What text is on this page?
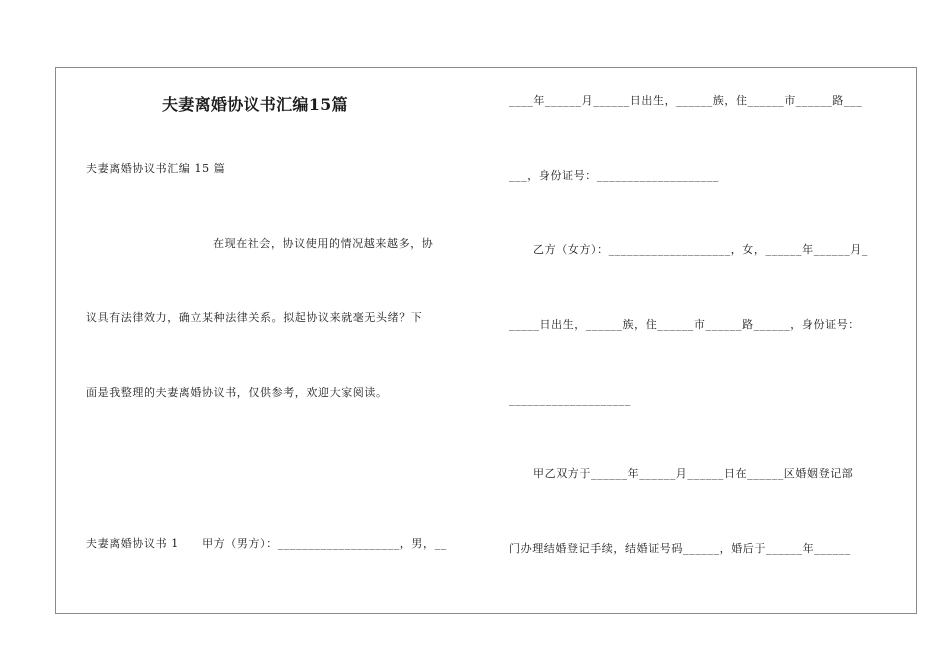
夫妻离婚协议书汇编15篇
夫妻离婚协议书汇编 15 篇
在现在社会，协议使用的情况越来越多，协
议具有法律效力，确立某种法律关系。拟起协议来就毫无头绪？下
面是我整理的夫妻离婚协议书，仅供参考，欢迎大家阅读。
夫妻离婚协议书 1　　甲方（男方）：____________________，男，__
____年______月______日出生，______族，住______市______路___
___，身份证号：____________________
乙方（女方）：____________________，女，______年______月_
_____日出生，______族，住______市______路______，身份证号：
____________________
甲乙双方于______年______月______日在______区婚姻登记部
门办理结婚登记手续，结婚证号码______，婚后于______年______
